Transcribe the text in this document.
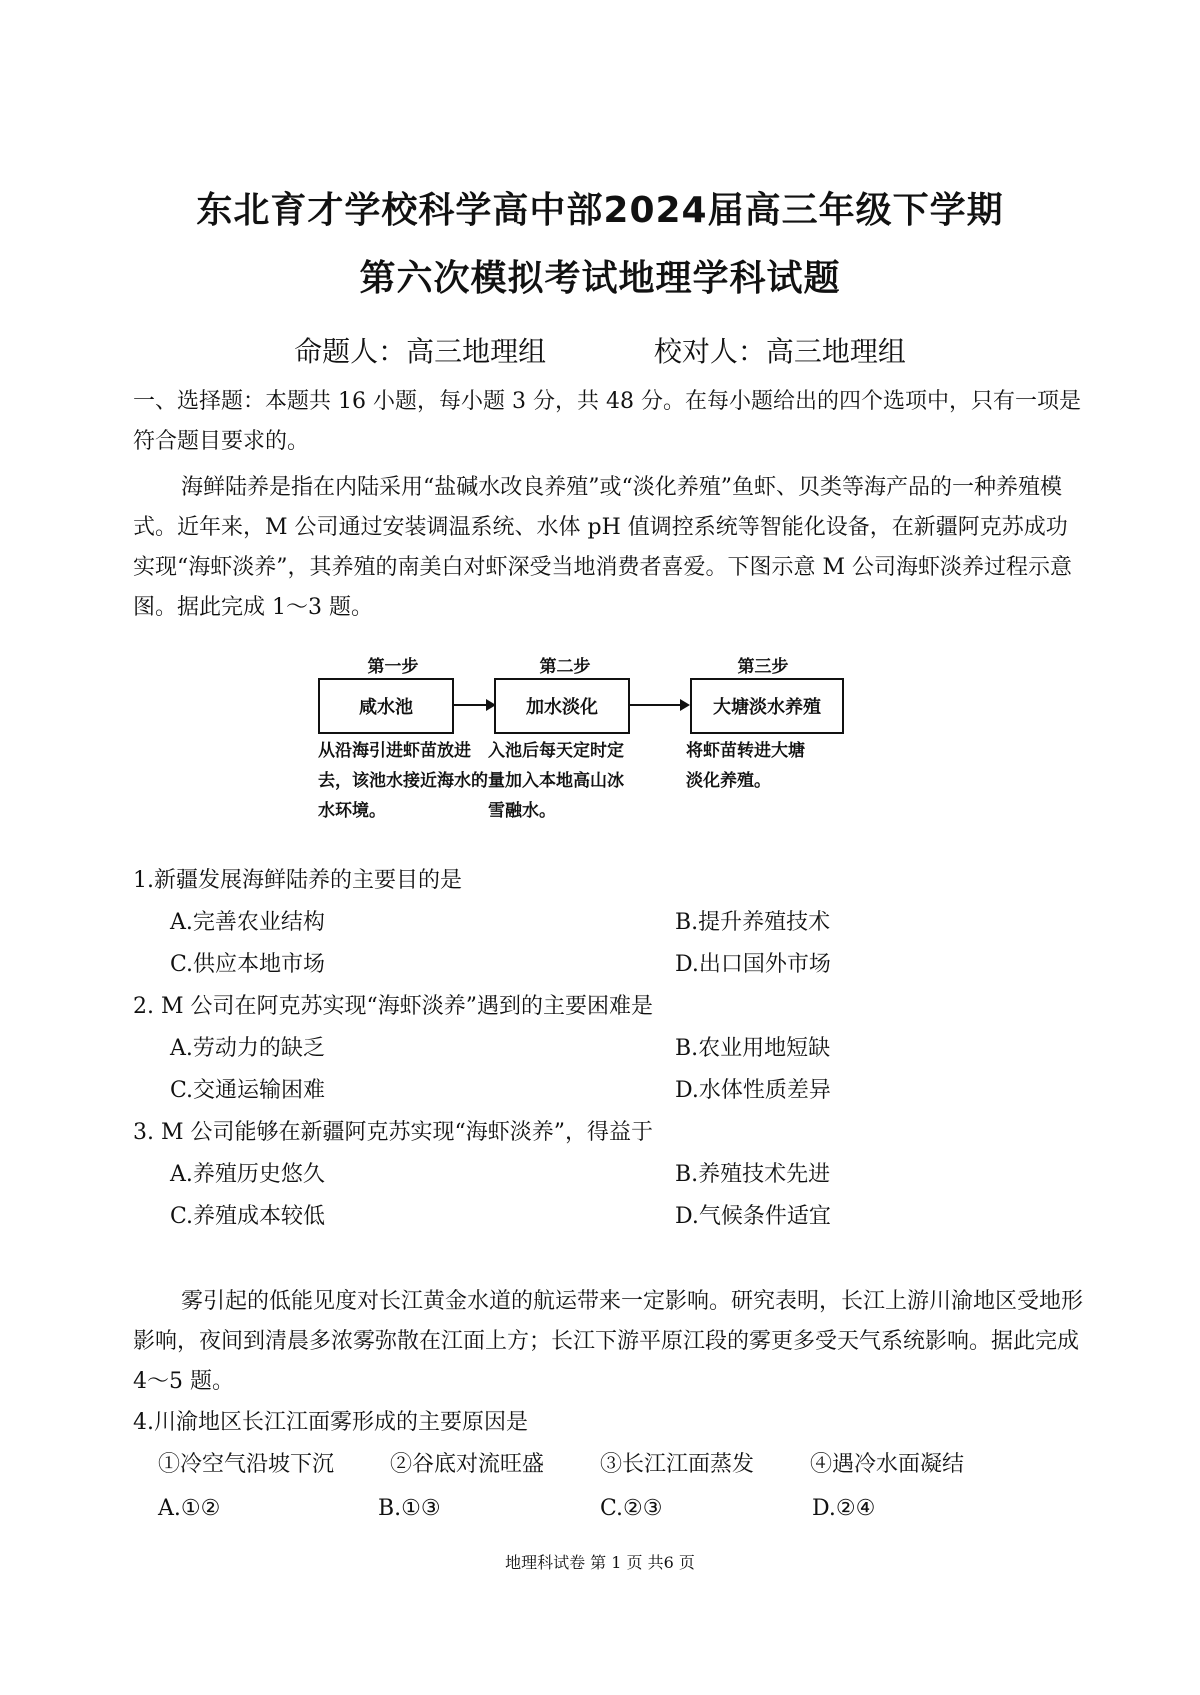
东北育才学校科学高中部2024届高三年级下学期
第六次模拟考试地理学科试题
命题人：高三地理组	校对人：高三地理组
一、选择题：本题共 16 小题，每小题 3 分，共 48 分。在每小题给出的四个选项中，只有一项是符合题目要求的。
海鲜陆养是指在内陆采用“盐碱水改良养殖”或“淡化养殖”鱼虾、贝类等海产品的一种养殖模式。近年来，M 公司通过安装调温系统、水体 pH 值调控系统等智能化设备，在新疆阿克苏成功实现“海虾淡养”，其养殖的南美白对虾深受当地消费者喜爱。下图示意 M 公司海虾淡养过程示意图。据此完成 1～3 题。
第一步	第二步	第三步
咸水池	加水淡化	大塘淡水养殖
从沿海引进虾苗放进去，该池水接近海水的水环境。
入池后每天定时定量加入本地高山冰雪融水。
将虾苗转进大塘淡化养殖。
1.新疆发展海鲜陆养的主要目的是
A.完善农业结构	B.提升养殖技术
C.供应本地市场	D.出口国外市场
2. M 公司在阿克苏实现“海虾淡养”遇到的主要困难是
A.劳动力的缺乏	B.农业用地短缺
C.交通运输困难	D.水体性质差异
3. M 公司能够在新疆阿克苏实现“海虾淡养”，得益于
A.养殖历史悠久	B.养殖技术先进
C.养殖成本较低	D.气候条件适宜
雾引起的低能见度对长江黄金水道的航运带来一定影响。研究表明，长江上游川渝地区受地形影响，夜间到清晨多浓雾弥散在江面上方；长江下游平原江段的雾更多受天气系统影响。据此完成 4～5 题。
4.川渝地区长江江面雾形成的主要原因是
①冷空气沿坡下沉	②谷底对流旺盛	③长江江面蒸发	④遇冷水面凝结
A.①②	B.①③	C.②③	D.②④
地理科试卷 第 1 页 共6 页
